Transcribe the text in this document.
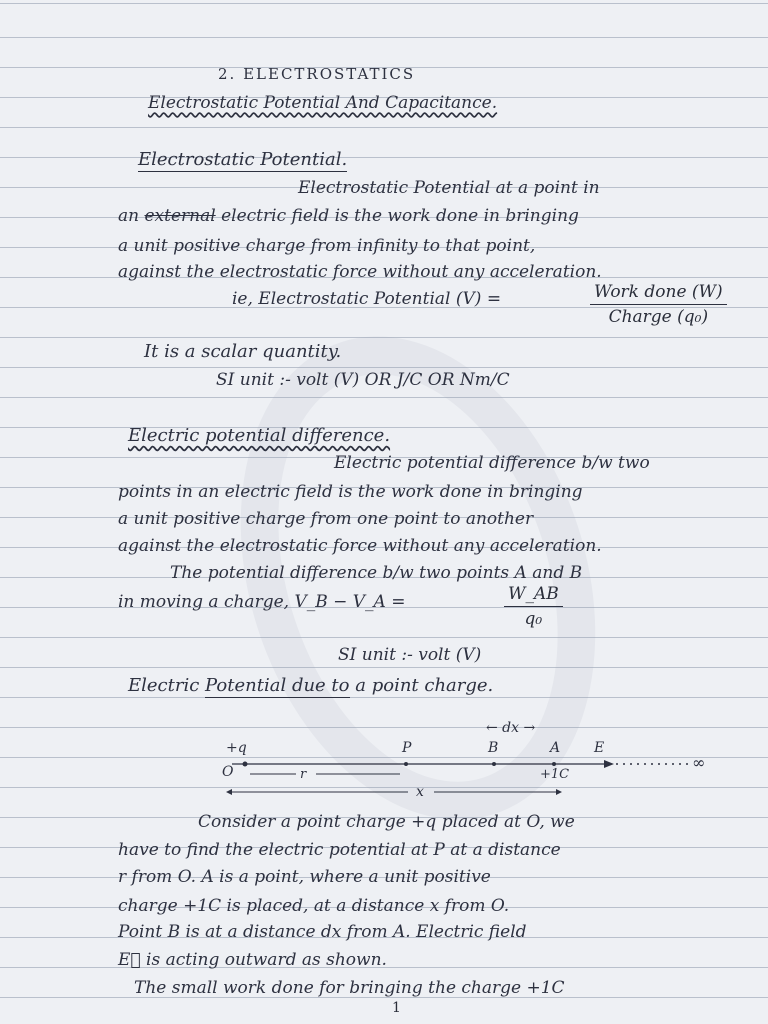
2. ELECTROSTATICS
Electrostatic Potential And Capacitance.
Electrostatic Potential.
Electrostatic Potential at a point in
an external electric field is the work done in bringing
a unit positive charge from infinity to that point,
against the electrostatic force without any acceleration.
ie, Electrostatic Potential (V) =	Work done (W)
Charge (q₀)
It is a scalar quantity.
SI unit :- volt (V) OR J/C OR Nm/C
Electric potential difference.
Electric potential difference b/w two
points in an electric field is the work done in bringing
a unit positive charge from one point to another
against the electrostatic force without any acceleration.
The potential difference b/w two points A and B
in moving a charge, V_B − V_A =	$\frac{W\_AB}{\text{q₀}}$
SI unit :- volt (V)
Electric Potential due to a point charge.
← dx →
+q	P	B	A E
∞
O	+1C
r
x
Consider a point charge +q placed at O, we
have to find the electric potential at P at a distance
r from O. A is a point, where a unit positive
charge +1C is placed, at a distance x from O.
Point B is at a distance dx from A. Electric field
E⃗ is acting outward as shown.
The small work done for bringing the charge +1C
1
